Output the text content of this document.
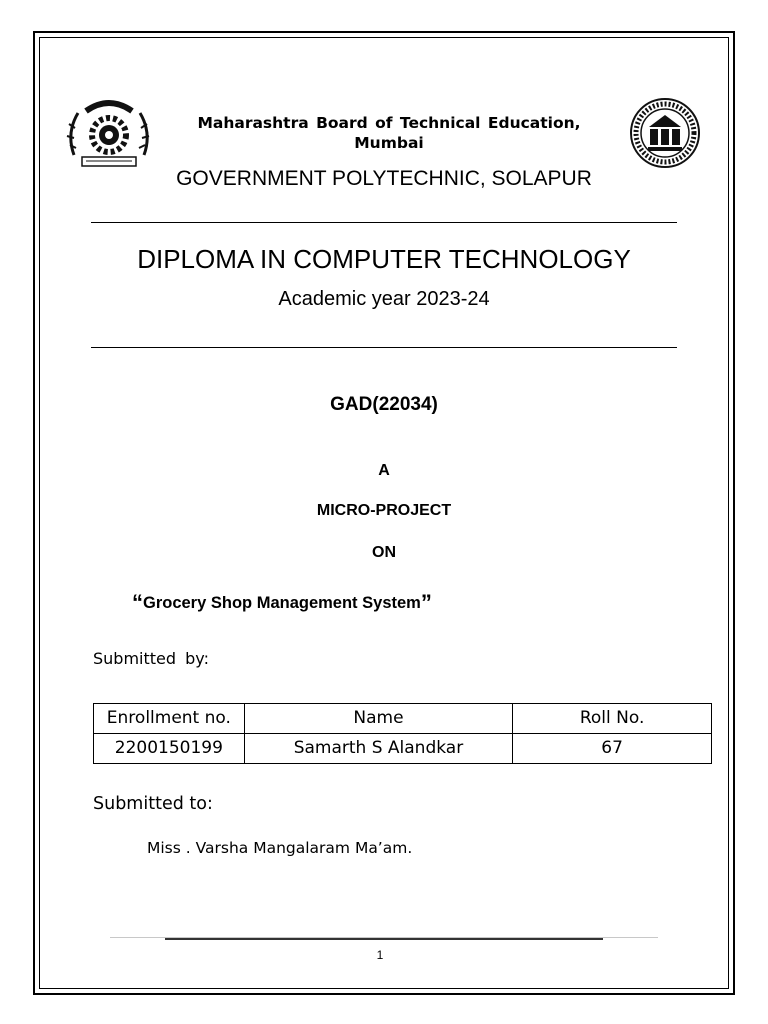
Maharashtra Board of Technical Education,
Mumbai
GOVERNMENT POLYTECHNIC, SOLAPUR
DIPLOMA IN COMPUTER TECHNOLOGY
Academic year 2023-24
GAD(22034)
A
MICRO-PROJECT
ON
“Grocery Shop Management System”
Submitted by:
Enrollment no.	Name	Roll No.
2200150199	Samarth S Alandkar	67
Submitted to:
Miss . Varsha Mangalaram Ma’am.
1
